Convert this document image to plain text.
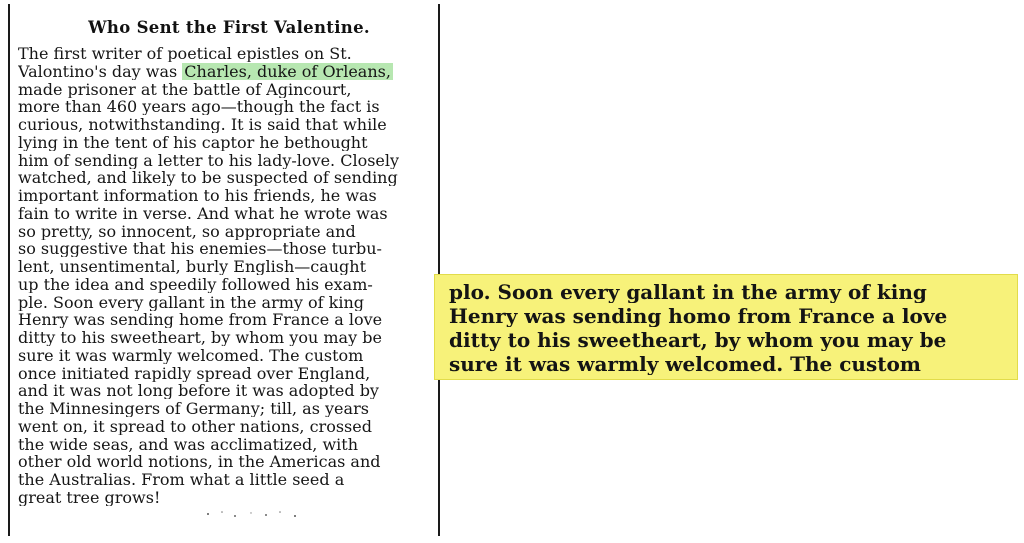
Who Sent the First Valentine.
The first writer of poetical epistles on St.
Valontino's day was Charles, duke of Orleans,
made prisoner at the battle of Agincourt,
more than 460 years ago—though the fact is
curious, notwithstanding. It is said that while
lying in the tent of his captor he bethought
him of sending a letter to his lady-love. Closely
watched, and likely to be suspected of sending
important information to his friends, he was
fain to write in verse. And what he wrote was
so pretty, so innocent, so appropriate and
so suggestive that his enemies—those turbu-
lent, unsentimental, burly English—caught
up the idea and speedily followed his exam-
ple. Soon every gallant in the army of king
Henry was sending home from France a love
ditty to his sweetheart, by whom you may be
sure it was warmly welcomed. The custom
once initiated rapidly spread over England,
and it was not long before it was adopted by
the Minnesingers of Germany; till, as years
went on, it spread to other nations, crossed
the wide seas, and was acclimatized, with
other old world notions, in the Americas and
the Australias. From what a little seed a
great tree grows!
plo. Soon every gallant in the army of king
Henry was sending homo from France a love
ditty to his sweetheart, by whom you may be
sure it was warmly welcomed. The custom
